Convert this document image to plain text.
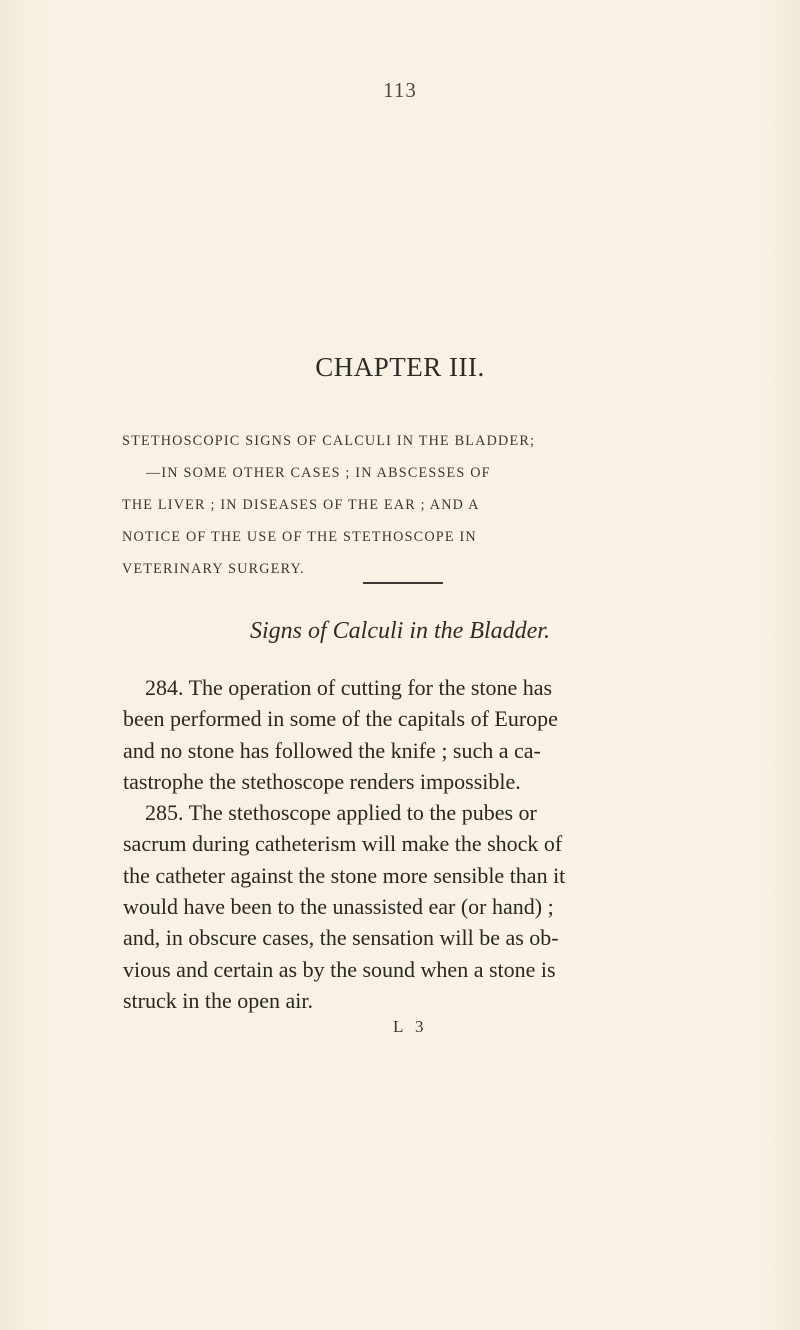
113
CHAPTER III.
STETHOSCOPIC SIGNS OF CALCULI IN THE BLADDER;
—IN SOME OTHER CASES ; IN ABSCESSES OF
THE LIVER ; IN DISEASES OF THE EAR ; AND A
NOTICE OF THE USE OF THE STETHOSCOPE IN
VETERINARY SURGERY.
Signs of Calculi in the Bladder.
284. The operation of cutting for the stone has
been performed in some of the capitals of Europe
and no stone has followed the knife ; such a ca-
tastrophe the stethoscope renders impossible.
285. The stethoscope applied to the pubes or
sacrum during catheterism will make the shock of
the catheter against the stone more sensible than it
would have been to the unassisted ear (or hand) ;
and, in obscure cases, the sensation will be as ob-
vious and certain as by the sound when a stone is
struck in the open air.
L 3
